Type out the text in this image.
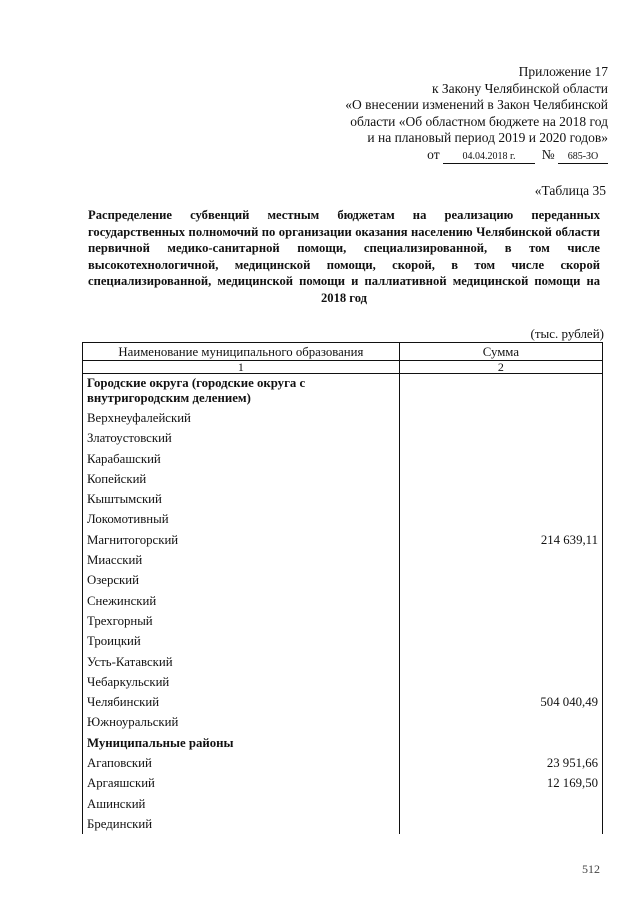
Приложение 17
к Закону Челябинской области
«О внесении изменений в Закон Челябинской
области «Об областном бюджете на 2018 год
и на плановый период 2019 и 2020 годов»
от 04.04.2018 г. № 685-ЗО
«Таблица 35
Распределение субвенций местным бюджетам на реализацию переданных государственных полномочий по организации оказания населению Челябинской области первичной медико-санитарной помощи, специализированной, в том числе высокотехнологичной, медицинской помощи, скорой, в том числе скорой специализированной, медицинской помощи и паллиативной медицинской помощи на 2018 год
(тыс. рублей)
Наименование муниципального образования	Сумма
1	2
Городские округа (городские округа с внутригородским делением)	
Верхнеуфалейский	
Златоустовский	
Карабашский	
Копейский	
Кыштымский	
Локомотивный	
Магнитогорский	214 639,11
Миасский	
Озерский	
Снежинский	
Трехгорный	
Троицкий	
Усть-Катавский	
Чебаркульский	
Челябинский	504 040,49
Южноуральский	
Муниципальные районы	
Агаповский	23 951,66
Аргаяшский	12 169,50
Ашинский	
Брединский	
512
